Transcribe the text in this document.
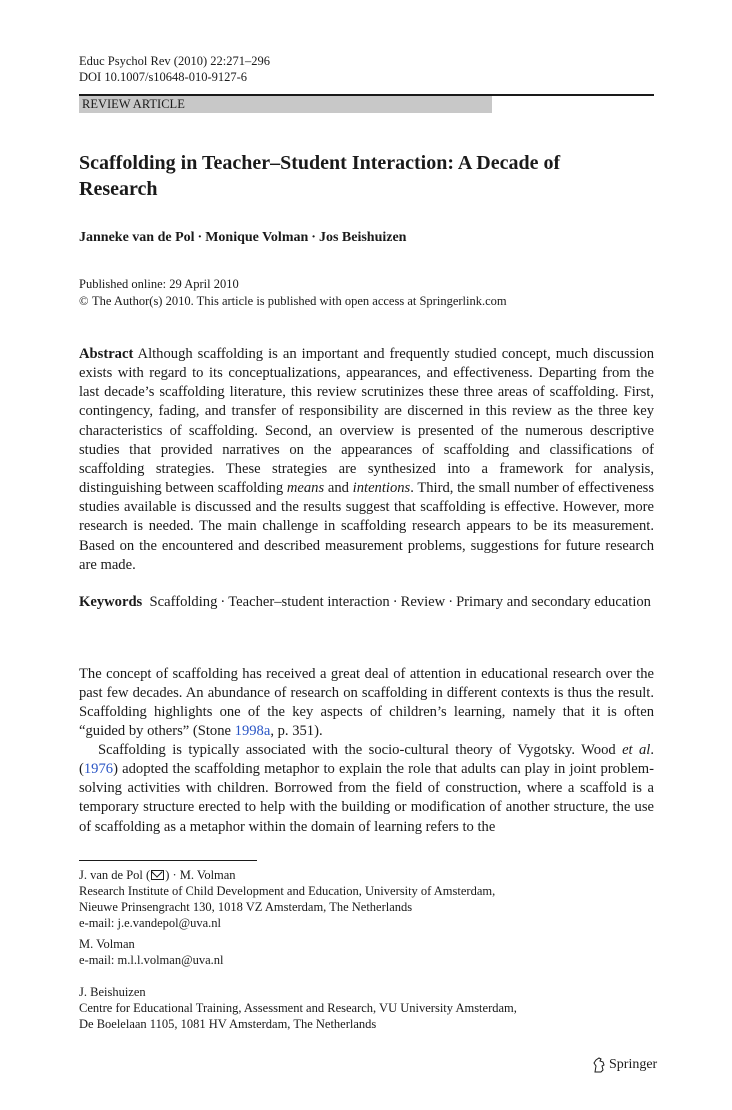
Educ Psychol Rev (2010) 22:271–296
DOI 10.1007/s10648-010-9127-6
REVIEW ARTICLE
Scaffolding in Teacher–Student Interaction: A Decade of Research
Janneke van de Pol · Monique Volman · Jos Beishuizen
Published online: 29 April 2010
© The Author(s) 2010. This article is published with open access at Springerlink.com
Abstract Although scaffolding is an important and frequently studied concept, much discussion exists with regard to its conceptualizations, appearances, and effectiveness. Departing from the last decade’s scaffolding literature, this review scrutinizes these three areas of scaffolding. First, contingency, fading, and transfer of responsibility are discerned in this review as the three key characteristics of scaffolding. Second, an overview is presented of the numerous descriptive studies that provided narratives on the appearances of scaffolding and classifications of scaffolding strategies. These strategies are synthesized into a framework for analysis, distinguishing between scaffolding means and intentions. Third, the small number of effectiveness studies available is discussed and the results suggest that scaffolding is effective. However, more research is needed. The main challenge in scaffolding research appears to be its measurement. Based on the encountered and described measurement problems, suggestions for future research are made.
Keywords Scaffolding · Teacher–student interaction · Review · Primary and secondary education
The concept of scaffolding has received a great deal of attention in educational research over the past few decades. An abundance of research on scaffolding in different contexts is thus the result. Scaffolding highlights one of the key aspects of children’s learning, namely that it is often “guided by others” (Stone 1998a, p. 351).
Scaffolding is typically associated with the socio-cultural theory of Vygotsky. Wood et al. (1976) adopted the scaffolding metaphor to explain the role that adults can play in joint problem-solving activities with children. Borrowed from the field of construction, where a scaffold is a temporary structure erected to help with the building or modification of another structure, the use of scaffolding as a metaphor within the domain of learning refers to the
J. van de Pol ( ) · M. Volman
Research Institute of Child Development and Education, University of Amsterdam,
Nieuwe Prinsengracht 130, 1018 VZ Amsterdam, The Netherlands
e-mail: j.e.vandepol@uva.nl
M. Volman
e-mail: m.l.l.volman@uva.nl
J. Beishuizen
Centre for Educational Training, Assessment and Research, VU University Amsterdam,
De Boelelaan 1105, 1081 HV Amsterdam, The Netherlands
Springer
